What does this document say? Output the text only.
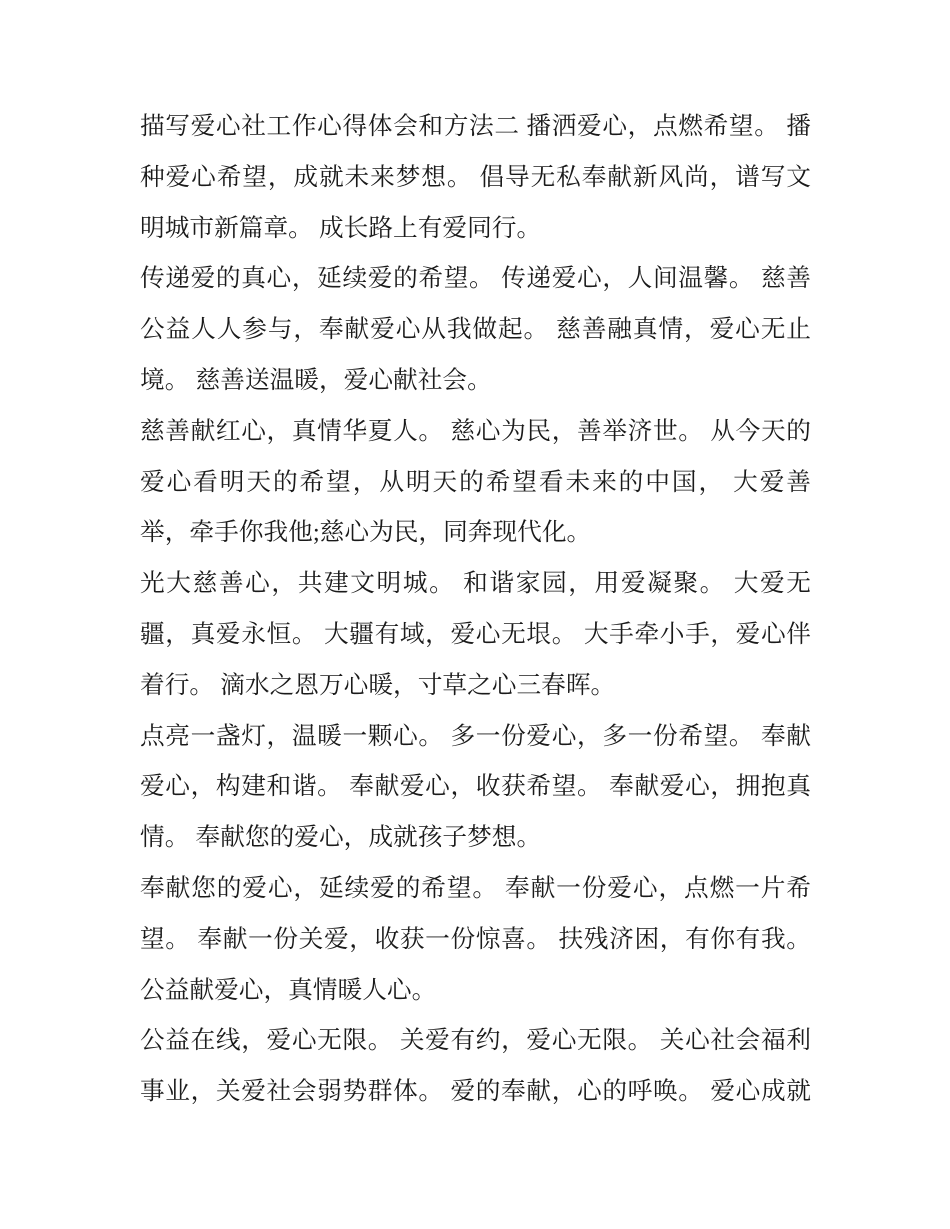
描写爱心社工作心得体会和方法二 播洒爱心，点燃希望。 播
种爱心希望，成就未来梦想。 倡导无私奉献新风尚，谱写文
明城市新篇章。 成长路上有爱同行。
传递爱的真心，延续爱的希望。 传递爱心，人间温馨。 慈善
公益人人参与，奉献爱心从我做起。 慈善融真情，爱心无止
境。 慈善送温暖，爱心献社会。
慈善献红心，真情华夏人。 慈心为民，善举济世。 从今天的
爱心看明天的希望，从明天的希望看未来的中国， 大爱善
举，牵手你我他;慈心为民，同奔现代化。
光大慈善心，共建文明城。 和谐家园，用爱凝聚。 大爱无
疆，真爱永恒。 大疆有域，爱心无垠。 大手牵小手，爱心伴
着行。 滴水之恩万心暖，寸草之心三春晖。
点亮一盏灯，温暖一颗心。 多一份爱心，多一份希望。 奉献
爱心，构建和谐。 奉献爱心，收获希望。 奉献爱心，拥抱真
情。 奉献您的爱心，成就孩子梦想。
奉献您的爱心，延续爱的希望。 奉献一份爱心，点燃一片希
望。 奉献一份关爱，收获一份惊喜。 扶残济困，有你有我。
公益献爱心，真情暖人心。
公益在线，爱心无限。 关爱有约，爱心无限。 关心社会福利
事业，关爱社会弱势群体。 爱的奉献，心的呼唤。 爱心成就
